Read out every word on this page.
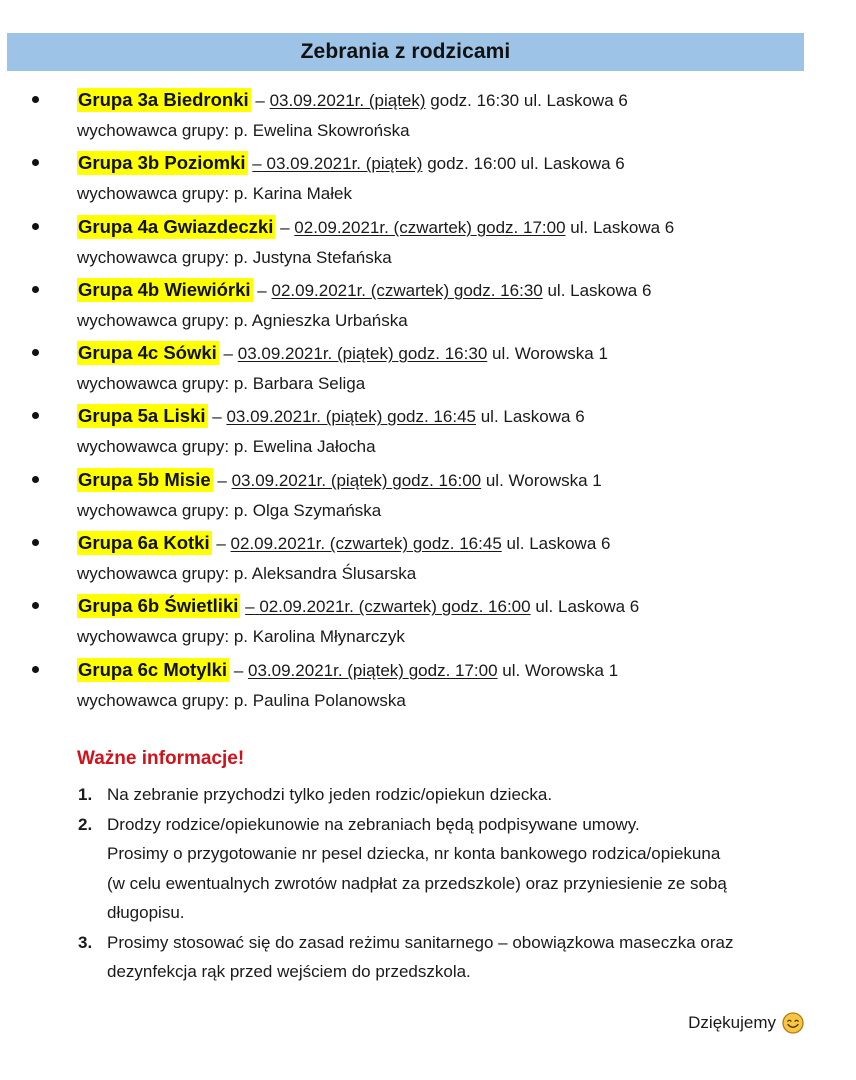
Zebrania z rodzicami
Grupa 3a Biedronki – 03.09.2021r. (piątek) godz. 16:30 ul. Laskowa 6
wychowawca grupy: p. Ewelina Skowrońska
Grupa 3b Poziomki – 03.09.2021r. (piątek) godz. 16:00 ul. Laskowa 6
wychowawca grupy: p. Karina Małek
Grupa 4a Gwiazdeczki – 02.09.2021r. (czwartek) godz. 17:00 ul. Laskowa 6
wychowawca grupy: p. Justyna Stefańska
Grupa 4b Wiewiórki – 02.09.2021r. (czwartek) godz. 16:30 ul. Laskowa 6
wychowawca grupy: p. Agnieszka Urbańska
Grupa 4c Sówki – 03.09.2021r. (piątek) godz. 16:30 ul. Worowska 1
wychowawca grupy: p. Barbara Seliga
Grupa 5a Liski – 03.09.2021r. (piątek) godz. 16:45 ul. Laskowa 6
wychowawca grupy: p. Ewelina Jałocha
Grupa 5b Misie – 03.09.2021r. (piątek) godz. 16:00 ul. Worowska 1
wychowawca grupy: p. Olga Szymańska
Grupa 6a Kotki – 02.09.2021r. (czwartek) godz. 16:45 ul. Laskowa 6
wychowawca grupy: p. Aleksandra Ślusarska
Grupa 6b Świetliki – 02.09.2021r. (czwartek) godz. 16:00 ul. Laskowa 6
wychowawca grupy: p. Karolina Młynarczyk
Grupa 6c Motylki – 03.09.2021r. (piątek) godz. 17:00 ul. Worowska 1
wychowawca grupy: p. Paulina Polanowska
Ważne informacje!
1. Na zebranie przychodzi tylko jeden rodzic/opiekun dziecka.

2. Drodzy rodzice/opiekunowie na zebraniach będą podpisywane umowy.

Prosimy o przygotowanie nr pesel dziecka, nr konta bankowego rodzica/opiekuna

(w celu ewentualnych zwrotów nadpłat za przedszkole) oraz przyniesienie ze sobą

długopisu.

3. Prosimy stosować się do zasad reżimu sanitarnego – obowiązkowa maseczka oraz

dezynfekcja rąk przed wejściem do przedszkola.

Dziękujemy
